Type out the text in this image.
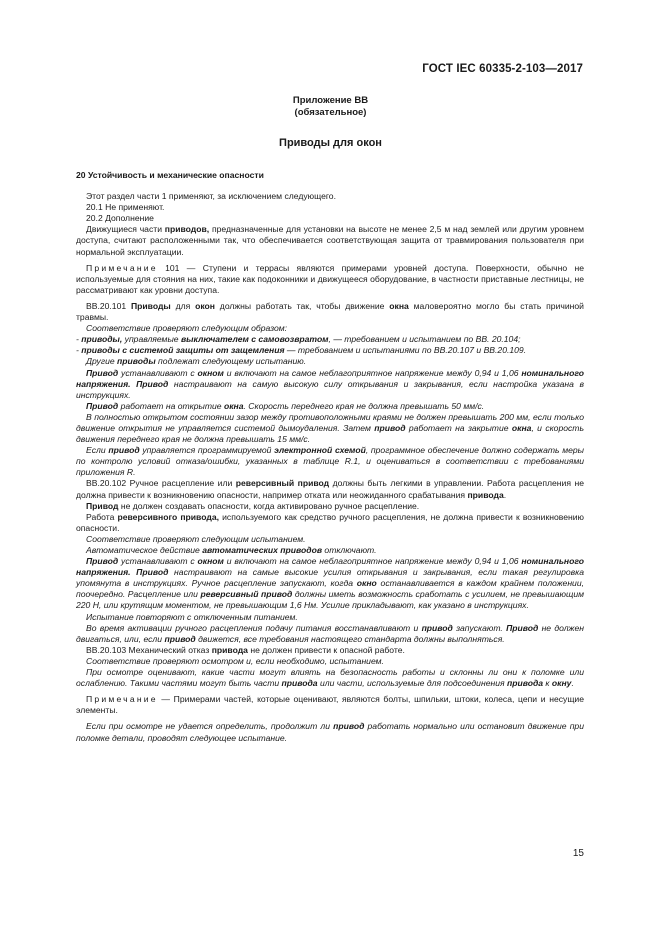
ГОСТ IEC 60335-2-103—2017
Приложение ВВ
(обязательное)
Приводы для окон

20 Устойчивость и механические опасности

Этот раздел части 1 применяют, за исключением следующего.

20.1 Не применяют.

20.2 Дополнение

Движущиеся части приводов, предназначенные для установки на высоте не менее 2,5 м над землей или другим уровнем доступа, считают расположенными так, что обеспечивается соответствующая защита от травмирования пользователя при нормальной эксплуатации.

Примечание 101 — Ступени и террасы являются примерами уровней доступа. Поверхности, обычно не используемые для стояния на них, такие как подоконники и движущееся оборудование, в частности приставные лестницы, не рассматривают как уровни доступа.

ВВ.20.101 Приводы для окон должны работать так, чтобы движение окна маловероятно могло бы стать причиной травмы.

Соответствие проверяют следующим образом:

- приводы, управляемые выключателем с самовозвратом, — требованием и испытанием по ВВ. 20.104;

- приводы с системой защиты от защемления — требованием и испытаниями по ВВ.20.107 и ВВ.20.109.

Другие приводы подлежат следующему испытанию.

Привод устанавливают с окном и включают на самое неблагоприятное напряжение между 0,94 и 1,06 номинального напряжения. Привод настраивают на самую высокую силу открывания и закрывания, если настройка указана в инструкциях.

Привод работает на открытие окна. Скорость переднего края не должна превышать 50 мм/с.

В полностью открытом состоянии зазор между противоположными краями не должен превышать 200 мм, если только движение открытия не управляется системой дымоудаления. Затем привод работает на закрытие окна, и скорость движения переднего края не должна превышать 15 мм/с.

Если привод управляется программируемой электронной схемой, программное обеспечение должно содержать меры по контролю условий отказа/ошибки, указанных в таблице R.1, и оцениваться в соответствии с требованиями приложения R.

ВВ.20.102 Ручное расцепление или реверсивный привод должны быть легкими в управлении. Работа расцепления не должна привести к возникновению опасности, например отката или неожиданного срабатывания привода.

Привод не должен создавать опасности, когда активировано ручное расцепление.

Работа реверсивного привода, используемого как средство ручного расцепления, не должна привести к возникновению опасности.

Соответствие проверяют следующим испытанием.

Автоматическое действие автоматических приводов отключают.

Привод устанавливают с окном и включают на самое неблагоприятное напряжение между 0,94 и 1,06 номинального напряжения. Привод настраивают на самые высокие усилия открывания и закрывания, если такая регулировка упомянута в инструкциях. Ручное расцепление запускают, когда окно останавливается в каждом крайнем положении, поочередно. Расцепление или реверсивный привод должны иметь возможность сработать с усилием, не превышающим 220 Н, или крутящим моментом, не превышающим 1,6 Нм. Усилие прикладывают, как указано в инструкциях.

Испытание повторяют с отключенным питанием.

Во время активации ручного расцепления подачу питания восстанавливают и привод запускают. Привод не должен двигаться, или, если привод движется, все требования настоящего стандарта должны выполняться.

ВВ.20.103 Механический отказ привода не должен привести к опасной работе.

Соответствие проверяют осмотром и, если необходимо, испытанием.

При осмотре оценивают, какие части могут влиять на безопасность работы и склонны ли они к поломке или ослаблению. Такими частями могут быть части привода или части, используемые для подсоединения привода к окну.

Примечание — Примерами частей, которые оценивают, являются болты, шпильки, штоки, колеса, цепи и несущие элементы.

Если при осмотре не удается определить, продолжит ли привод работать нормально или остановит движение при поломке детали, проводят следующее испытание.

15
